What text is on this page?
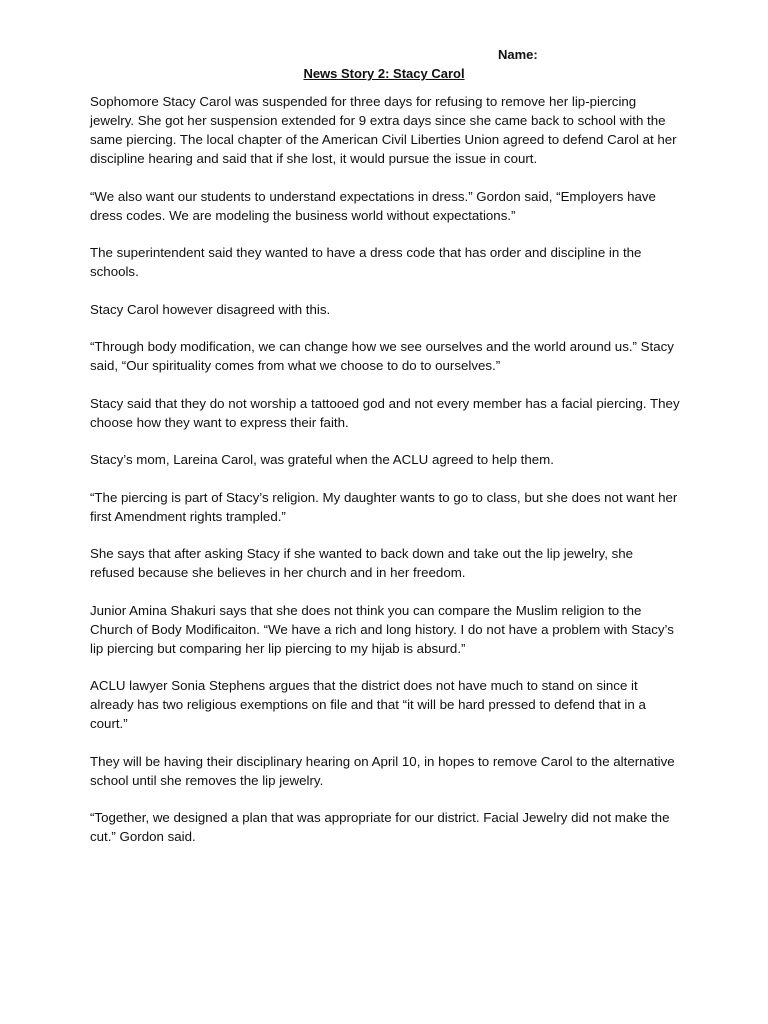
Name:
News Story 2: Stacy Carol

Sophomore Stacy Carol was suspended for three days for refusing to remove her lip-piercing jewelry. She got her suspension extended for 9 extra days since she came back to school with the same piercing. The local chapter of the American Civil Liberties Union agreed to defend Carol at her discipline hearing and said that if she lost, it would pursue the issue in court.

“We also want our students to understand expectations in dress.” Gordon said, “Employers have dress codes. We are modeling the business world without expectations.”

The superintendent said they wanted to have a dress code that has order and discipline in the schools.

Stacy Carol however disagreed with this.

“Through body modification, we can change how we see ourselves and the world around us.” Stacy said, “Our spirituality comes from what we choose to do to ourselves.”

Stacy said that they do not worship a tattooed god and not every member has a facial piercing. They choose how they want to express their faith.

Stacy’s mom, Lareina Carol, was grateful when the ACLU agreed to help them.

“The piercing is part of Stacy’s religion. My daughter wants to go to class, but she does not want her first Amendment rights trampled.”

She says that after asking Stacy if she wanted to back down and take out the lip jewelry, she refused because she believes in her church and in her freedom.

Junior Amina Shakuri says that she does not think you can compare the Muslim religion to the Church of Body Modificaiton. “We have a rich and long history. I do not have a problem with Stacy’s lip piercing but comparing her lip piercing to my hijab is absurd.”

ACLU lawyer Sonia Stephens argues that the district does not have much to stand on since it already has two religious exemptions on file and that “it will be hard pressed to defend that in a court.”

They will be having their disciplinary hearing on April 10, in hopes to remove Carol to the alternative school until she removes the lip jewelry.

“Together, we designed a plan that was appropriate for our district. Facial Jewelry did not make the cut.” Gordon said.
